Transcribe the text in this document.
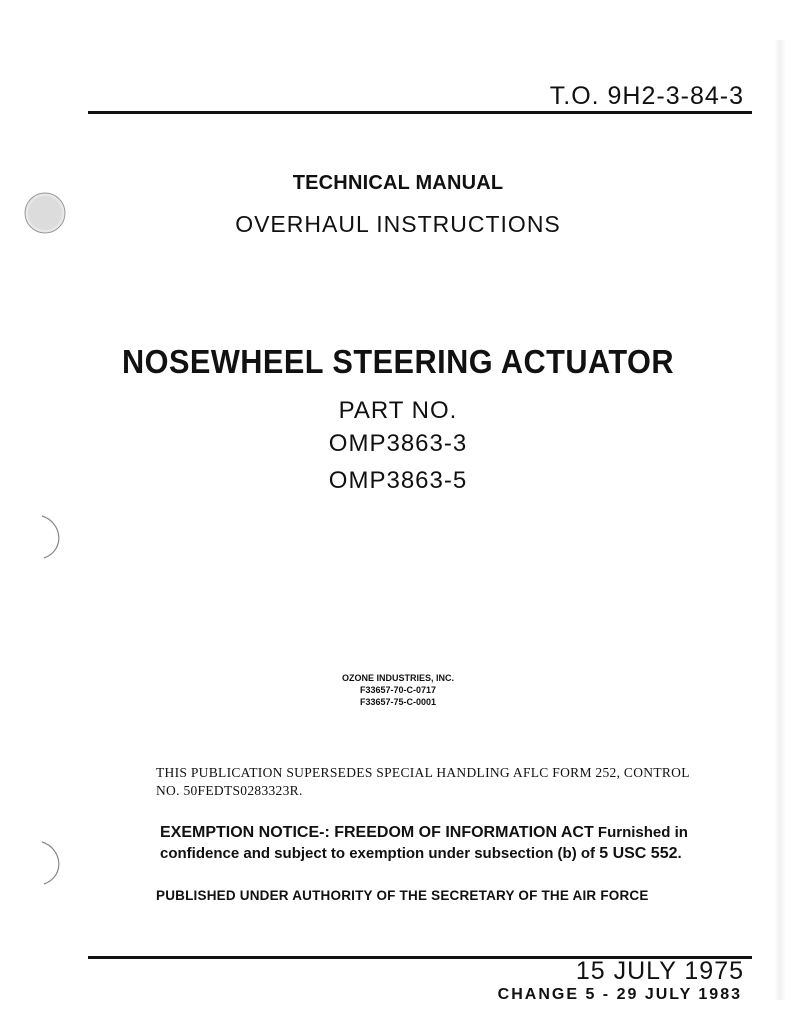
T.O. 9H2-3-84-3
TECHNICAL MANUAL
OVERHAUL INSTRUCTIONS
NOSEWHEEL STEERING ACTUATOR
PART NO.
OMP3863-3
OMP3863-5
OZONE INDUSTRIES, INC.
F33657-70-C-0717
F33657-75-C-0001
THIS PUBLICATION SUPERSEDES SPECIAL HANDLING AFLC FORM 252, CONTROL
NO. 50FEDTS0283323R.
EXEMPTION NOTICE-: FREEDOM OF INFORMATION ACT Furnished in confidence and subject to exemption under subsection (b) of 5 USC 552.
PUBLISHED UNDER AUTHORITY OF THE SECRETARY OF THE AIR FORCE
15 JULY 1975
CHANGE 5 - 29 JULY 1983
